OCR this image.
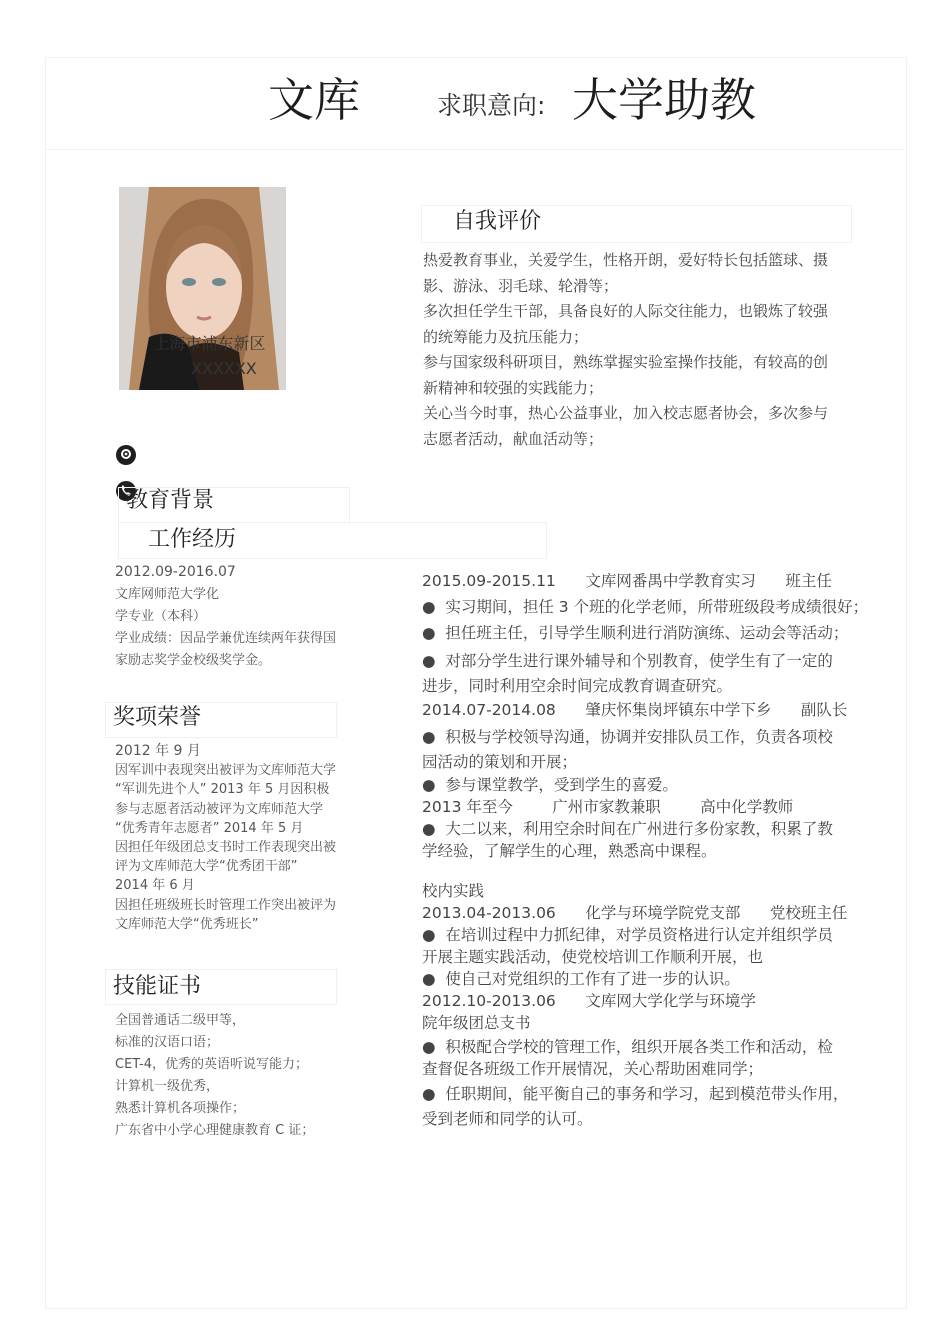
文库	求职意向: 大学助教
上海市浦东新区
XXXXXX
自我评价
热爱教育事业，关爱学生，性格开朗，爱好特长包括篮球、摄
影、游泳、羽毛球、轮滑等；
多次担任学生干部，具备良好的人际交往能力，也锻炼了较强
的统筹能力及抗压能力；
参与国家级科研项目，熟练掌握实验室操作技能，有较高的创
新精神和较强的实践能力；
关心当今时事，热心公益事业，加入校志愿者协会，多次参与
志愿者活动，献血活动等；
教育背景
工作经历
2012.09-2016.07
文库网师范大学化
学专业（本科）
学业成绩：因品学兼优连续两年获得国
家励志奖学金校级奖学金。
2015.09-2015.11      文库网番禺中学教育实习      班主任
●  实习期间，担任 3 个班的化学老师，所带班级段考成绩很好；
●  担任班主任，引导学生顺利进行消防演练、运动会等活动；
●  对部分学生进行课外辅导和个别教育，使学生有了一定的
进步，同时利用空余时间完成教育调查研究。
2014.07-2014.08      肇庆怀集岗坪镇东中学下乡      副队长
●  积极与学校领导沟通，协调并安排队员工作，负责各项校
园活动的策划和开展；
●  参与课堂教学，受到学生的喜爱。
2013 年至今        广州市家教兼职        高中化学教师
●  大二以来，利用空余时间在广州进行多份家教，积累了教
学经验，了解学生的心理，熟悉高中课程。
校内实践
2013.04-2013.06      化学与环境学院党支部      党校班主任
●  在培训过程中力抓纪律，对学员资格进行认定并组织学员
开展主题实践活动，使党校培训工作顺利开展，也
●  使自己对党组织的工作有了进一步的认识。
2012.10-2013.06      文库网大学化学与环境学
院年级团总支书
●  积极配合学校的管理工作，组织开展各类工作和活动，检
查督促各班级工作开展情况，关心帮助困难同学；
●  任职期间，能平衡自己的事务和学习，起到模范带头作用，
受到老师和同学的认可。
奖项荣誉
2012 年 9 月
因军训中表现突出被评为文库师范大学
“军训先进个人” 2013 年 5 月因积极
参与志愿者活动被评为文库师范大学
“优秀青年志愿者” 2014 年 5 月
因担任年级团总支书时工作表现突出被
评为文库师范大学“优秀团干部”
2014 年 6 月
因担任班级班长时管理工作突出被评为
文库师范大学“优秀班长”
技能证书
全国普通话二级甲等，
标准的汉语口语；
CET-4，优秀的英语听说写能力；
计算机一级优秀，
熟悉计算机各项操作；
广东省中小学心理健康教育 C 证；
